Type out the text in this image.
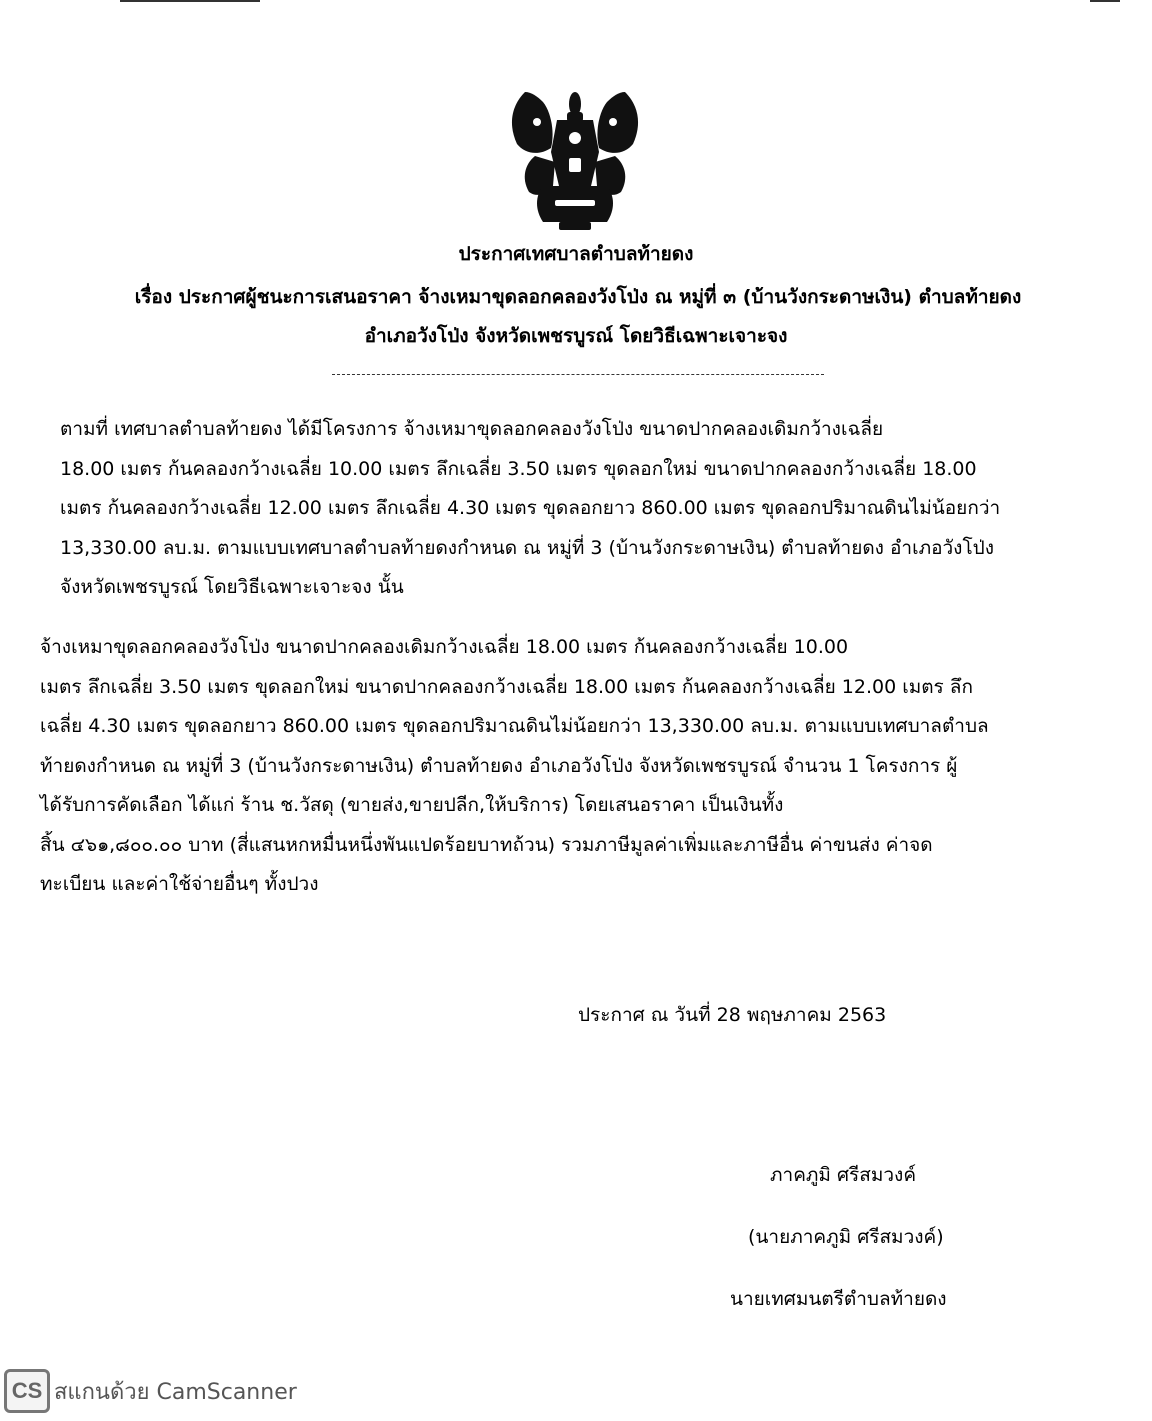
ประกาศเทศบาลตำบลท้ายดง
เรื่อง ประกาศผู้ชนะการเสนอราคา จ้างเหมาขุดลอกคลองวังโป่ง ณ หมู่ที่ ๓ (บ้านวังกระดาษเงิน) ตำบลท้ายดง
อำเภอวังโป่ง จังหวัดเพชรบูรณ์ โดยวิธีเฉพาะเจาะจง
ตามที่ เทศบาลตำบลท้ายดง ได้มีโครงการ จ้างเหมาขุดลอกคลองวังโป่ง ขนาดปากคลองเดิมกว้างเฉลี่ย
18.00 เมตร ก้นคลองกว้างเฉลี่ย 10.00 เมตร ลึกเฉลี่ย 3.50 เมตร ขุดลอกใหม่ ขนาดปากคลองกว้างเฉลี่ย 18.00
เมตร ก้นคลองกว้างเฉลี่ย 12.00 เมตร ลึกเฉลี่ย 4.30 เมตร ขุดลอกยาว 860.00 เมตร ขุดลอกปริมาณดินไม่น้อยกว่า
13,330.00 ลบ.ม. ตามแบบเทศบาลตำบลท้ายดงกำหนด ณ หมู่ที่ 3 (บ้านวังกระดาษเงิน) ตำบลท้ายดง อำเภอวังโป่ง
จังหวัดเพชรบูรณ์ โดยวิธีเฉพาะเจาะจง นั้น
จ้างเหมาขุดลอกคลองวังโป่ง ขนาดปากคลองเดิมกว้างเฉลี่ย 18.00 เมตร ก้นคลองกว้างเฉลี่ย 10.00
เมตร ลึกเฉลี่ย 3.50 เมตร ขุดลอกใหม่ ขนาดปากคลองกว้างเฉลี่ย 18.00 เมตร ก้นคลองกว้างเฉลี่ย 12.00 เมตร ลึก
เฉลี่ย 4.30 เมตร ขุดลอกยาว 860.00 เมตร ขุดลอกปริมาณดินไม่น้อยกว่า 13,330.00 ลบ.ม. ตามแบบเทศบาลตำบล
ท้ายดงกำหนด ณ หมู่ที่ 3 (บ้านวังกระดาษเงิน) ตำบลท้ายดง อำเภอวังโป่ง จังหวัดเพชรบูรณ์ จำนวน 1 โครงการ ผู้
ได้รับการคัดเลือก ได้แก่ ร้าน ช.วัสดุ (ขายส่ง,ขายปลีก,ให้บริการ) โดยเสนอราคา เป็นเงินทั้ง
สิ้น ๔๖๑,๘๐๐.๐๐ บาท (สี่แสนหกหมื่นหนึ่งพันแปดร้อยบาทถ้วน) รวมภาษีมูลค่าเพิ่มและภาษีอื่น ค่าขนส่ง ค่าจด
ทะเบียน และค่าใช้จ่ายอื่นๆ ทั้งปวง
ประกาศ ณ วันที่ 28 พฤษภาคม 2563
ภาคภูมิ ศรีสมวงค์
(นายภาคภูมิ ศรีสมวงค์)
นายเทศมนตรีตำบลท้ายดง
CS สแกนด้วย CamScanner
